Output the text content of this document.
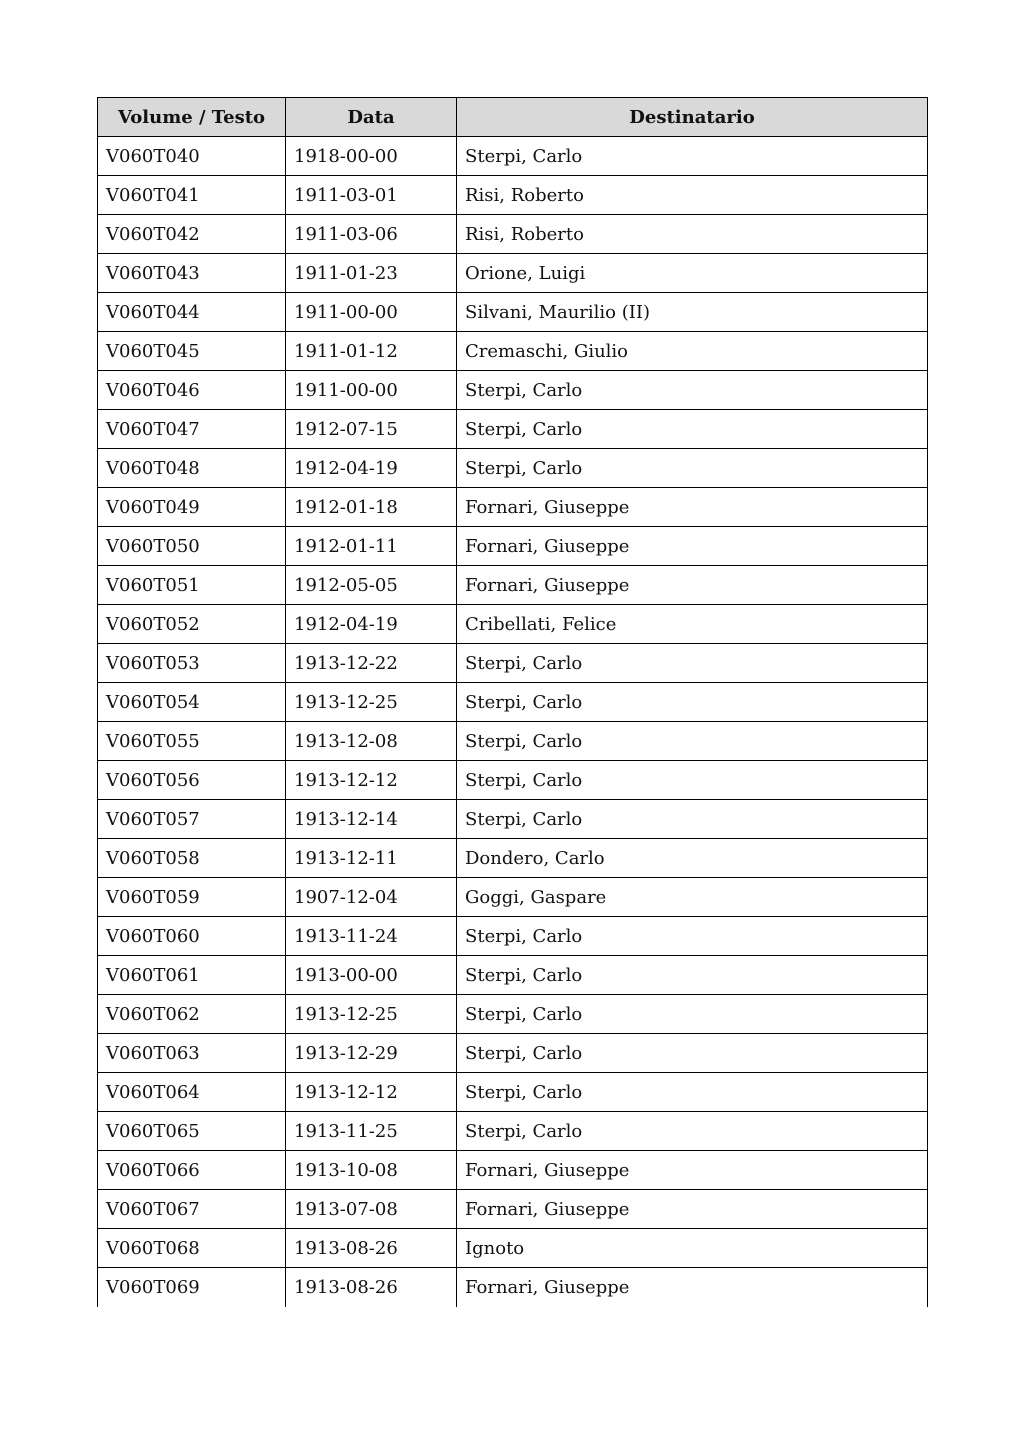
Volume / Testo	Data	Destinatario
V060T040	1918-00-00	Sterpi, Carlo
V060T041	1911-03-01	Risi, Roberto
V060T042	1911-03-06	Risi, Roberto
V060T043	1911-01-23	Orione, Luigi
V060T044	1911-00-00	Silvani, Maurilio (II)
V060T045	1911-01-12	Cremaschi, Giulio
V060T046	1911-00-00	Sterpi, Carlo
V060T047	1912-07-15	Sterpi, Carlo
V060T048	1912-04-19	Sterpi, Carlo
V060T049	1912-01-18	Fornari, Giuseppe
V060T050	1912-01-11	Fornari, Giuseppe
V060T051	1912-05-05	Fornari, Giuseppe
V060T052	1912-04-19	Cribellati, Felice
V060T053	1913-12-22	Sterpi, Carlo
V060T054	1913-12-25	Sterpi, Carlo
V060T055	1913-12-08	Sterpi, Carlo
V060T056	1913-12-12	Sterpi, Carlo
V060T057	1913-12-14	Sterpi, Carlo
V060T058	1913-12-11	Dondero, Carlo
V060T059	1907-12-04	Goggi, Gaspare
V060T060	1913-11-24	Sterpi, Carlo
V060T061	1913-00-00	Sterpi, Carlo
V060T062	1913-12-25	Sterpi, Carlo
V060T063	1913-12-29	Sterpi, Carlo
V060T064	1913-12-12	Sterpi, Carlo
V060T065	1913-11-25	Sterpi, Carlo
V060T066	1913-10-08	Fornari, Giuseppe
V060T067	1913-07-08	Fornari, Giuseppe
V060T068	1913-08-26	Ignoto
V060T069	1913-08-26	Fornari, Giuseppe
